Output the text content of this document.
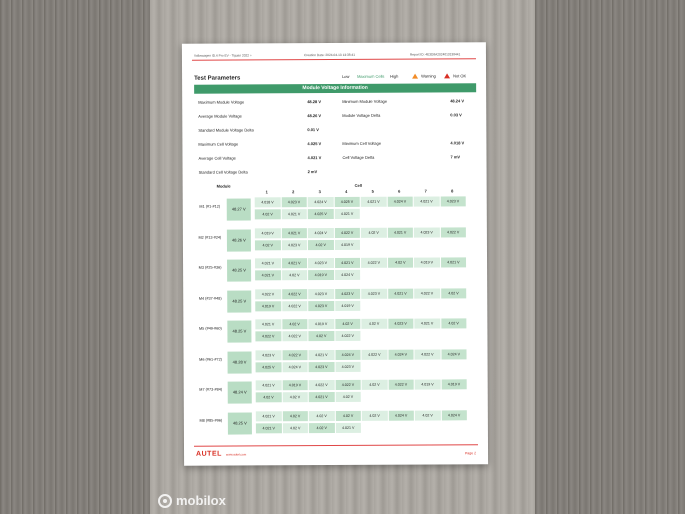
Volkswagen ID.4 Pro EV - Tiguan 2022 +	Creation Date: 2024-04-13 13:38:41	Report ID: 4E3D8A2024013138441
Test Parameters	Low Maximum Cells High	Warning	Not OK
Module Voltage Information
Maximum Module Voltage	48.28 V	Minimum Module Voltage	48.24 V
Average Module Voltage	48.26 V	Module Voltage Delta	0.03 V
Standard Module Voltage Delta	0.01 V
Maximum Cell Voltage	4.025 V	Minimum Cell Voltage	4.018 V
Average Cell Voltage	4.021 V	Cell Voltage Delta	7 mV
Standard Cell Voltage Delta	2 mV
Module	Cell
1	2	3	4	5	6	7	8
M1 (#1-#12)	48.27 V
4.018 V	4.023 V	4.024 V	4.025 V	4.021 V	4.024 V	4.021 V	4.023 V
4.02 V	4.021 V	4.025 V	4.021 V
M2 (#13-#24)	48.26 V
4.019 V	4.021 V	4.024 V	4.022 V	4.02 V	4.021 V	4.023 V	4.022 V
4.02 V	4.023 V	4.02 V	4.019 V
M3 (#25-#36)	48.25 V
4.021 V	4.021 V	4.023 V	4.021 V	4.022 V	4.02 V	4.019 V	4.021 V
4.021 V	4.02 V	4.019 V	4.024 V
M4 (#37-#48)	48.25 V
4.022 V	4.022 V	4.023 V	4.023 V	4.023 V	4.021 V	4.022 V	4.02 V
4.019 V	4.022 V	4.023 V	4.019 V
M5 (#49-#60)	48.25 V
4.021 V	4.02 V	4.019 V	4.02 V	4.02 V	4.023 V	4.021 V	4.02 V
4.022 V	4.022 V	4.02 V	4.022 V
M6 (#61-#72)	48.28 V
4.023 V	4.022 V	4.021 V	4.024 V	4.022 V	4.024 V	4.022 V	4.024 V
4.025 V	4.024 V	4.023 V	4.023 V
M7 (#73-#84)	48.24 V
4.021 V	4.019 V	4.022 V	4.022 V	4.02 V	4.022 V	4.019 V	4.019 V
4.02 V	4.02 V	4.021 V	4.02 V
M8 (#85-#96)	48.25 V
4.021 V	4.02 V	4.02 V	4.02 V	4.02 V	4.024 V	4.02 V	4.024 V
4.021 V	4.02 V	4.02 V	4.021 V
AUTEL www.autel.com	Page 2
mobilox
